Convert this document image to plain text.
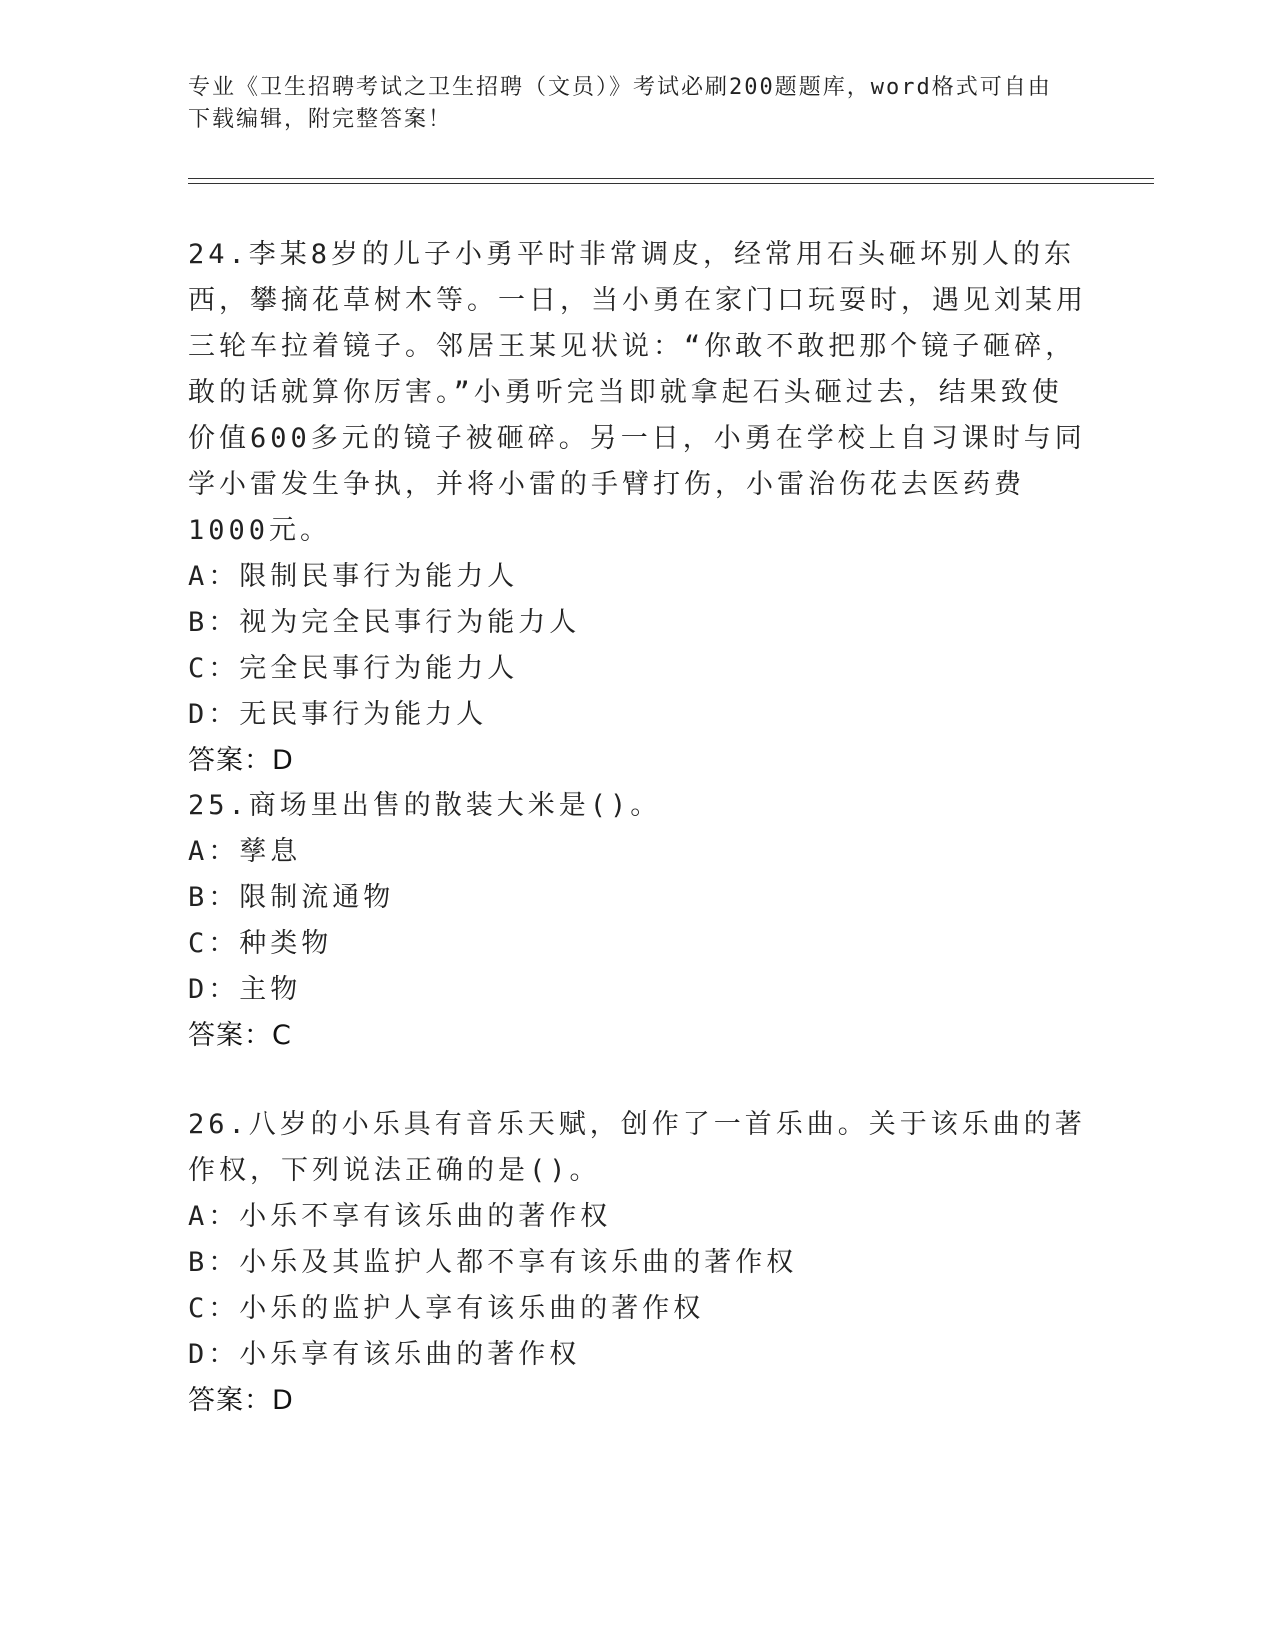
专业《卫生招聘考试之卫生招聘（文员）》考试必刷200题题库，word格式可自由下载编辑，附完整答案！

24.李某8岁的儿子小勇平时非常调皮，经常用石头砸坏别人的东西，攀摘花草树木等。一日，当小勇在家门口玩耍时，遇见刘某用三轮车拉着镜子。邻居王某见状说：“你敢不敢把那个镜子砸碎，敢的话就算你厉害。”小勇听完当即就拿起石头砸过去，结果致使价值600多元的镜子被砸碎。另一日，小勇在学校上自习课时与同学小雷发生争执，并将小雷的手臂打伤，小雷治伤花去医药费1000元。

A：限制民事行为能力人

B：视为完全民事行为能力人

C：完全民事行为能力人

D：无民事行为能力人

答案：D

25.商场里出售的散装大米是()。

A：孳息

B：限制流通物

C：种类物

D：主物

答案：C

26.八岁的小乐具有音乐天赋，创作了一首乐曲。关于该乐曲的著作权，下列说法正确的是()。

A：小乐不享有该乐曲的著作权

B：小乐及其监护人都不享有该乐曲的著作权

C：小乐的监护人享有该乐曲的著作权

D：小乐享有该乐曲的著作权

答案：D
